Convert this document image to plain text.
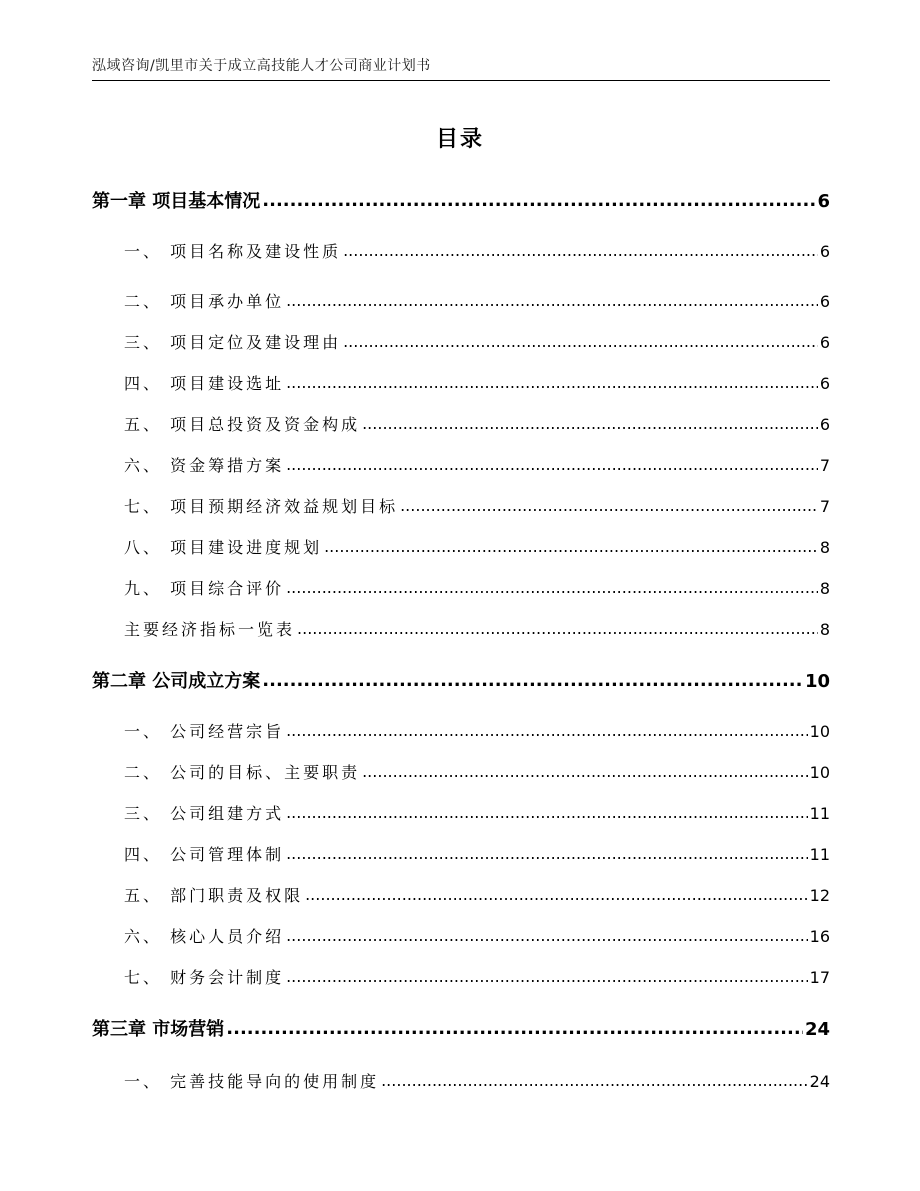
泓域咨询/凯里市关于成立高技能人才公司商业计划书
目录
第一章 项目基本情况 .....	6
一、 项目名称及建设性质 .....	6
二、 项目承办单位 .....	6
三、 项目定位及建设理由 .....	6
四、 项目建设选址 .....	6
五、 项目总投资及资金构成 .....	6
六、 资金筹措方案 .....	7
七、 项目预期经济效益规划目标 .....	7
八、 项目建设进度规划 .....	8
九、 项目综合评价 .....	8
主要经济指标一览表 .....	8
第二章 公司成立方案 .....	10
一、 公司经营宗旨 .....	10
二、 公司的目标、主要职责 .....	10
三、 公司组建方式 .....	11
四、 公司管理体制 .....	11
五、 部门职责及权限 .....	12
六、 核心人员介绍 .....	16
七、 财务会计制度 .....	17
第三章 市场营销 .....	24
一、 完善技能导向的使用制度 .....	24
